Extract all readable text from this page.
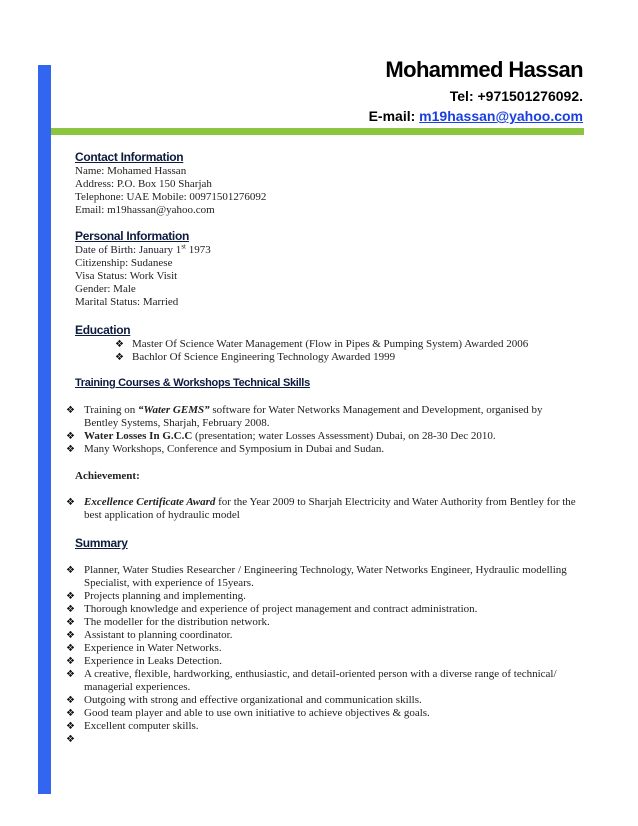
Mohammed Hassan
Tel: +971501276092.
E-mail: m19hassan@yahoo.com
Contact Information
Name: Mohamed Hassan
Address: P.O. Box 150 Sharjah
Telephone: UAE Mobile: 00971501276092
Email: m19hassan@yahoo.com
Personal Information
Date of Birth: January 1st 1973
Citizenship: Sudanese
Visa Status: Work Visit
Gender: Male
Marital Status: Married
Education
❖ Master Of Science Water Management (Flow in Pipes & Pumping System) Awarded 2006
❖ Bachlor Of Science Engineering Technology Awarded 1999
Training Courses & Workshops Technical Skills
❖ Training on “Water GEMS” software for Water Networks Management and Development, organised by Bentley Systems, Sharjah, February 2008.
❖ Water Losses In G.C.C (presentation; water Losses Assessment) Dubai, on 28-30 Dec 2010.
❖ Many Workshops, Conference and Symposium in Dubai and Sudan.
Achievement:
❖ Excellence Certificate Award for the Year 2009 to Sharjah Electricity and Water Authority from Bentley for the best application of hydraulic model
Summary
❖ Planner, Water Studies Researcher / Engineering Technology, Water Networks Engineer, Hydraulic modelling Specialist, with experience of 15years.
❖ Projects planning and implementing.
❖ Thorough knowledge and experience of project management and contract administration.
❖ The modeller for the distribution network.
❖ Assistant to planning coordinator.
❖ Experience in Water Networks.
❖ Experience in Leaks Detection.
❖ A creative, flexible, hardworking, enthusiastic, and detail-oriented person with a diverse range of technical/ managerial experiences.
❖ Outgoing with strong and effective organizational and communication skills.
❖ Good team player and able to use own initiative to achieve objectives & goals.
❖ Excellent computer skills.
❖
